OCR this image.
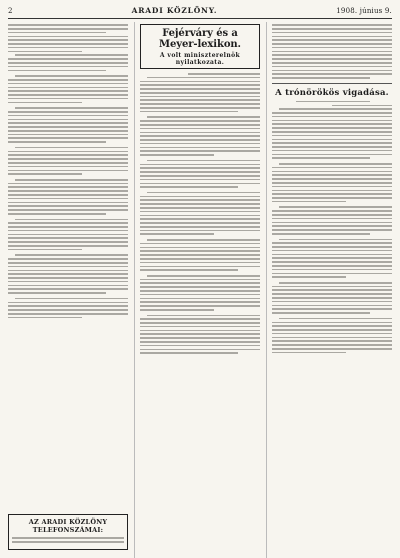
2	ARADI KÖZLÖNY.	1908. június 9.
AZ ARADI KÖZLÖNY TELEFONSZÁMAI:
Fejérváry és a Meyer-lexikon.
A volt miniszterelnök nyilatkozata.
A trónörökös vigadása.
